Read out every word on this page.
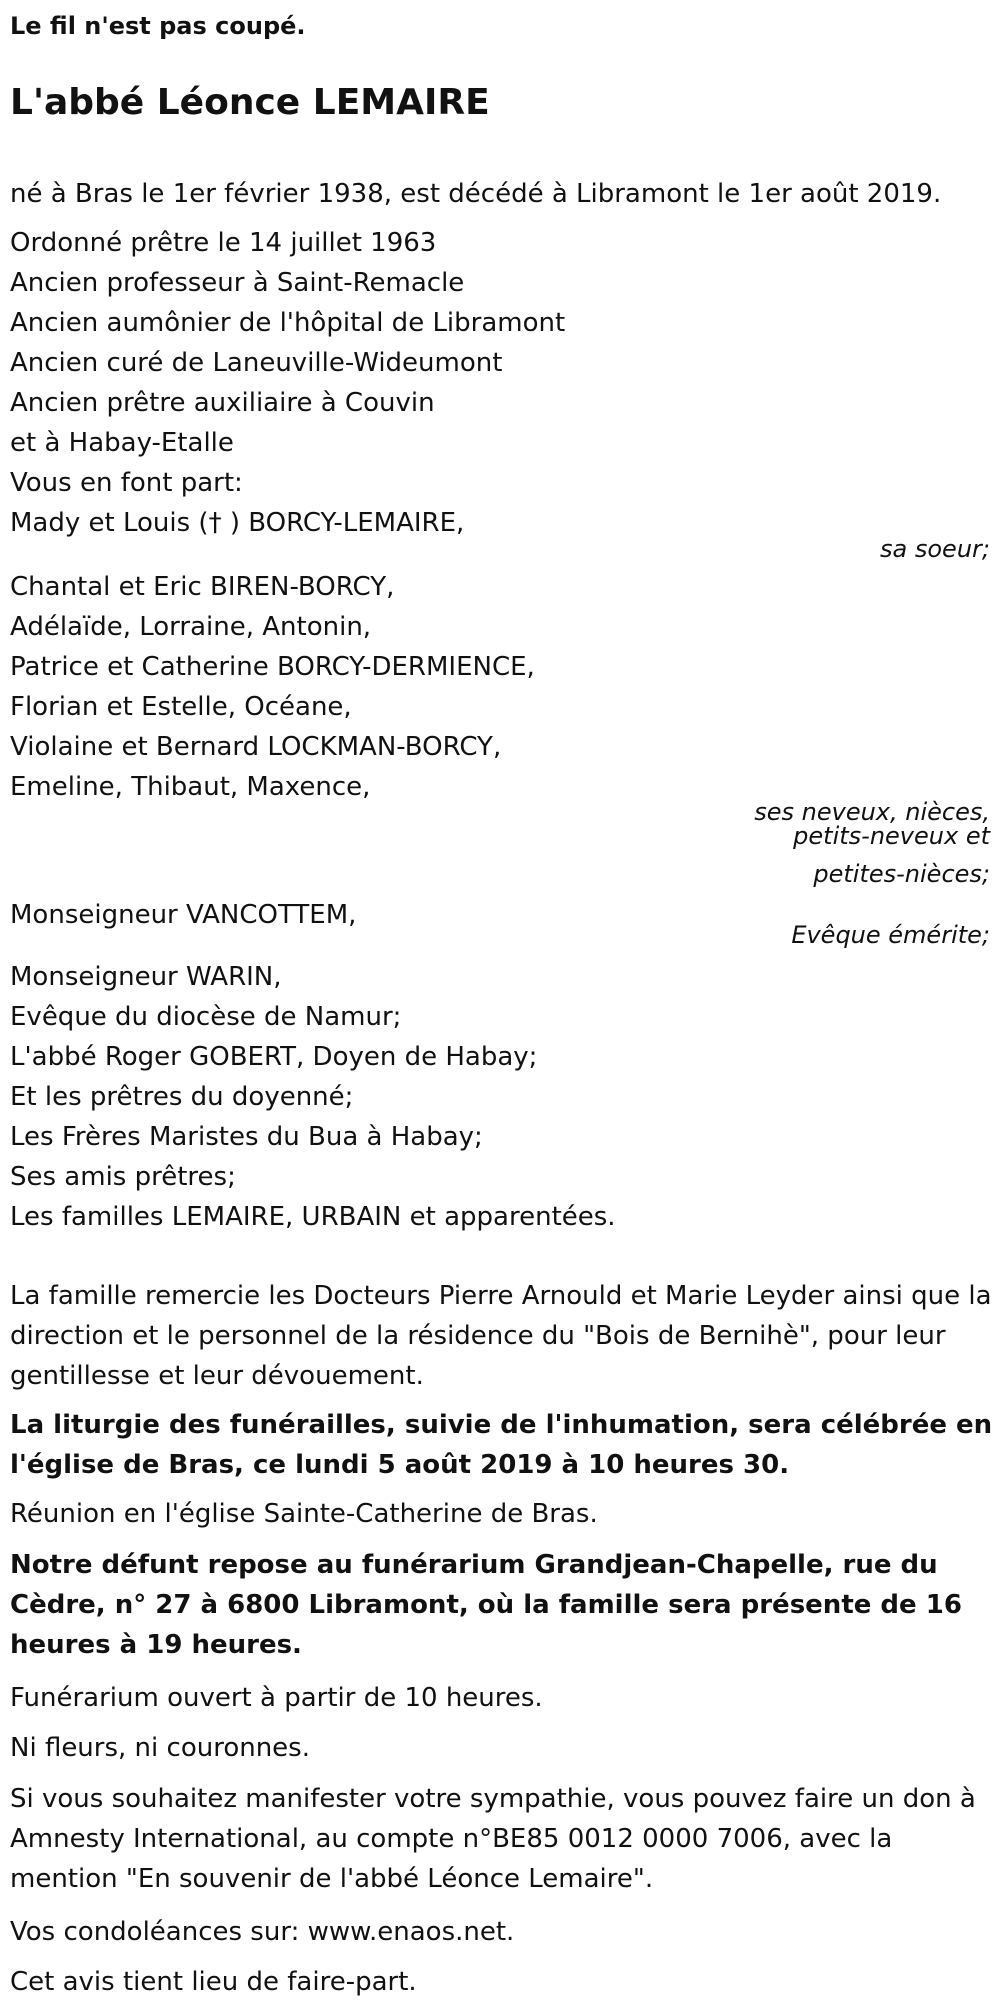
Le fil n'est pas coupé.
L'abbé Léonce LEMAIRE
né à Bras le 1er février 1938, est décédé à Libramont le 1er août 2019.
Ordonné prêtre le 14 juillet 1963
Ancien professeur à Saint-Remacle
Ancien aumônier de l'hôpital de Libramont
Ancien curé de Laneuville-Wideumont
Ancien prêtre auxiliaire à Couvin
et à Habay-Etalle
Vous en font part:
Mady et Louis († ) BORCY-LEMAIRE,
sa soeur;
Chantal et Eric BIREN-BORCY,
Adélaïde, Lorraine, Antonin,
Patrice et Catherine BORCY-DERMIENCE,
Florian et Estelle, Océane,
Violaine et Bernard LOCKMAN-BORCY,
Emeline, Thibaut, Maxence,
ses neveux, nièces,
petits-neveux et
petites-nièces;
Monseigneur VANCOTTEM,
Evêque émérite;
Monseigneur WARIN,
Evêque du diocèse de Namur;
L'abbé Roger GOBERT, Doyen de Habay;
Et les prêtres du doyenné;
Les Frères Maristes du Bua à Habay;
Ses amis prêtres;
Les familles LEMAIRE, URBAIN et apparentées.
La famille remercie les Docteurs Pierre Arnould et Marie Leyder ainsi que la direction et le personnel de la résidence du "Bois de Bernihè", pour leur gentillesse et leur dévouement.
La liturgie des funérailles, suivie de l'inhumation, sera célébrée en l'église de Bras, ce lundi 5 août 2019 à 10 heures 30.
Réunion en l'église Sainte-Catherine de Bras.
Notre défunt repose au funérarium Grandjean-Chapelle, rue du Cèdre, n° 27 à 6800 Libramont, où la famille sera présente de 16 heures à 19 heures.
Funérarium ouvert à partir de 10 heures.
Ni fleurs, ni couronnes.
Si vous souhaitez manifester votre sympathie, vous pouvez faire un don à Amnesty International, au compte n°BE85 0012 0000 7006, avec la mention "En souvenir de l'abbé Léonce Lemaire".
Vos condoléances sur: www.enaos.net.
Cet avis tient lieu de faire-part.
